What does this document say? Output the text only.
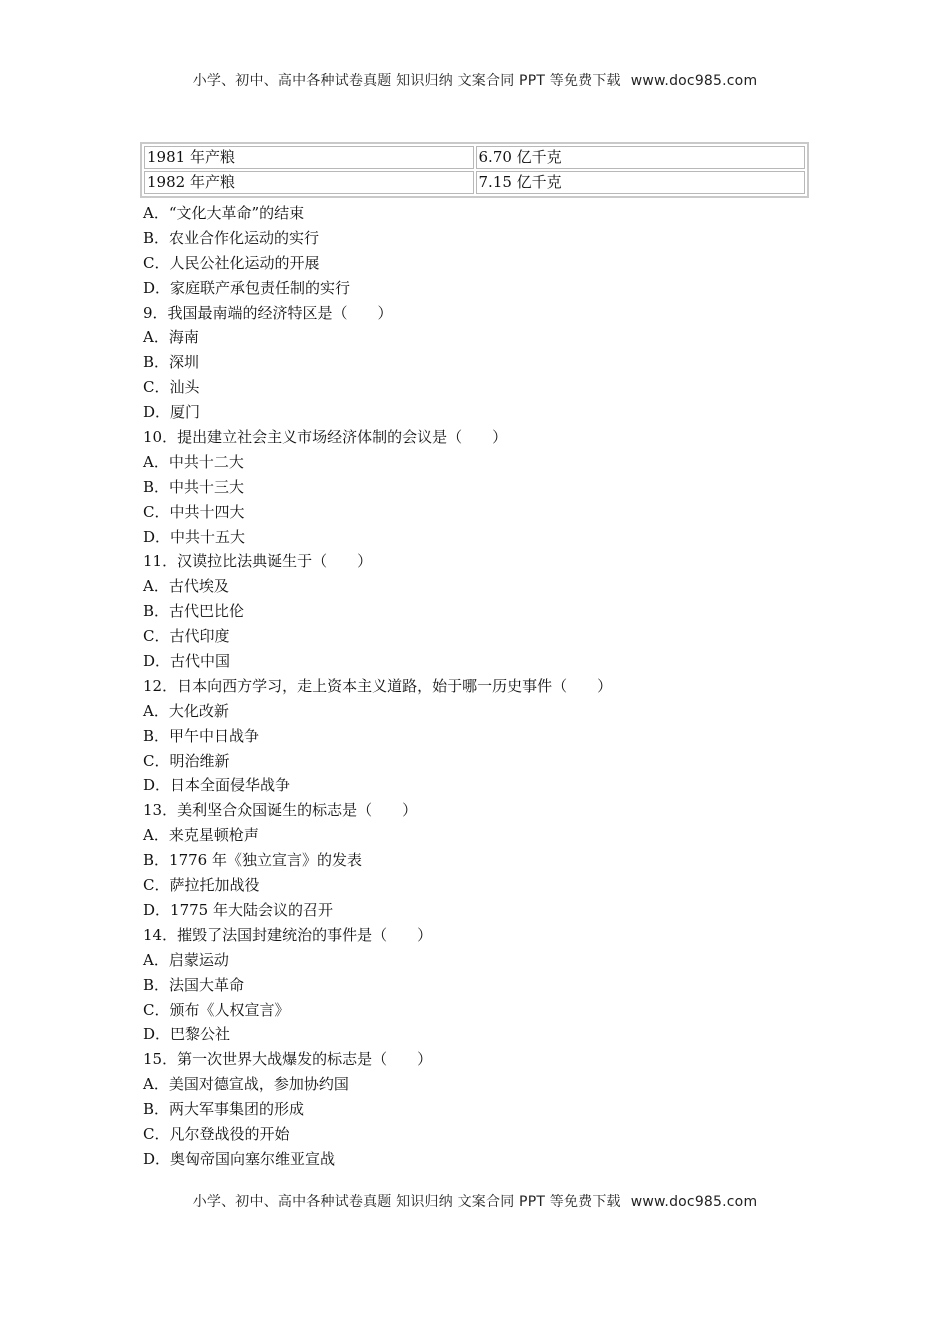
小学、初中、高中各种试卷真题 知识归纳 文案合同 PPT 等免费下载 www.doc985.com
1981 年产粮	6.70 亿千克
1982 年产粮	7.15 亿千克
A．“文化大革命”的结束
B．农业合作化运动的实行
C．人民公社化运动的开展
D．家庭联产承包责任制的实行
9．我国最南端的经济特区是（　　）
A．海南
B．深圳
C．汕头
D．厦门
10．提出建立社会主义市场经济体制的会议是（　　）
A．中共十二大
B．中共十三大
C．中共十四大
D．中共十五大
11．汉谟拉比法典诞生于（　　）
A．古代埃及
B．古代巴比伦
C．古代印度
D．古代中国
12．日本向西方学习，走上资本主义道路，始于哪一历史事件（　　）
A．大化改新
B．甲午中日战争
C．明治维新
D．日本全面侵华战争
13．美利坚合众国诞生的标志是（　　）
A．来克星顿枪声
B．1776 年《独立宣言》的发表
C．萨拉托加战役
D．1775 年大陆会议的召开
14．摧毁了法国封建统治的事件是（　　）
A．启蒙运动
B．法国大革命
C．颁布《人权宣言》
D．巴黎公社
15．第一次世界大战爆发的标志是（　　）
A．美国对德宣战，参加协约国
B．两大军事集团的形成
C．凡尔登战役的开始
D．奥匈帝国向塞尔维亚宣战
小学、初中、高中各种试卷真题 知识归纳 文案合同 PPT 等免费下载 www.doc985.com
